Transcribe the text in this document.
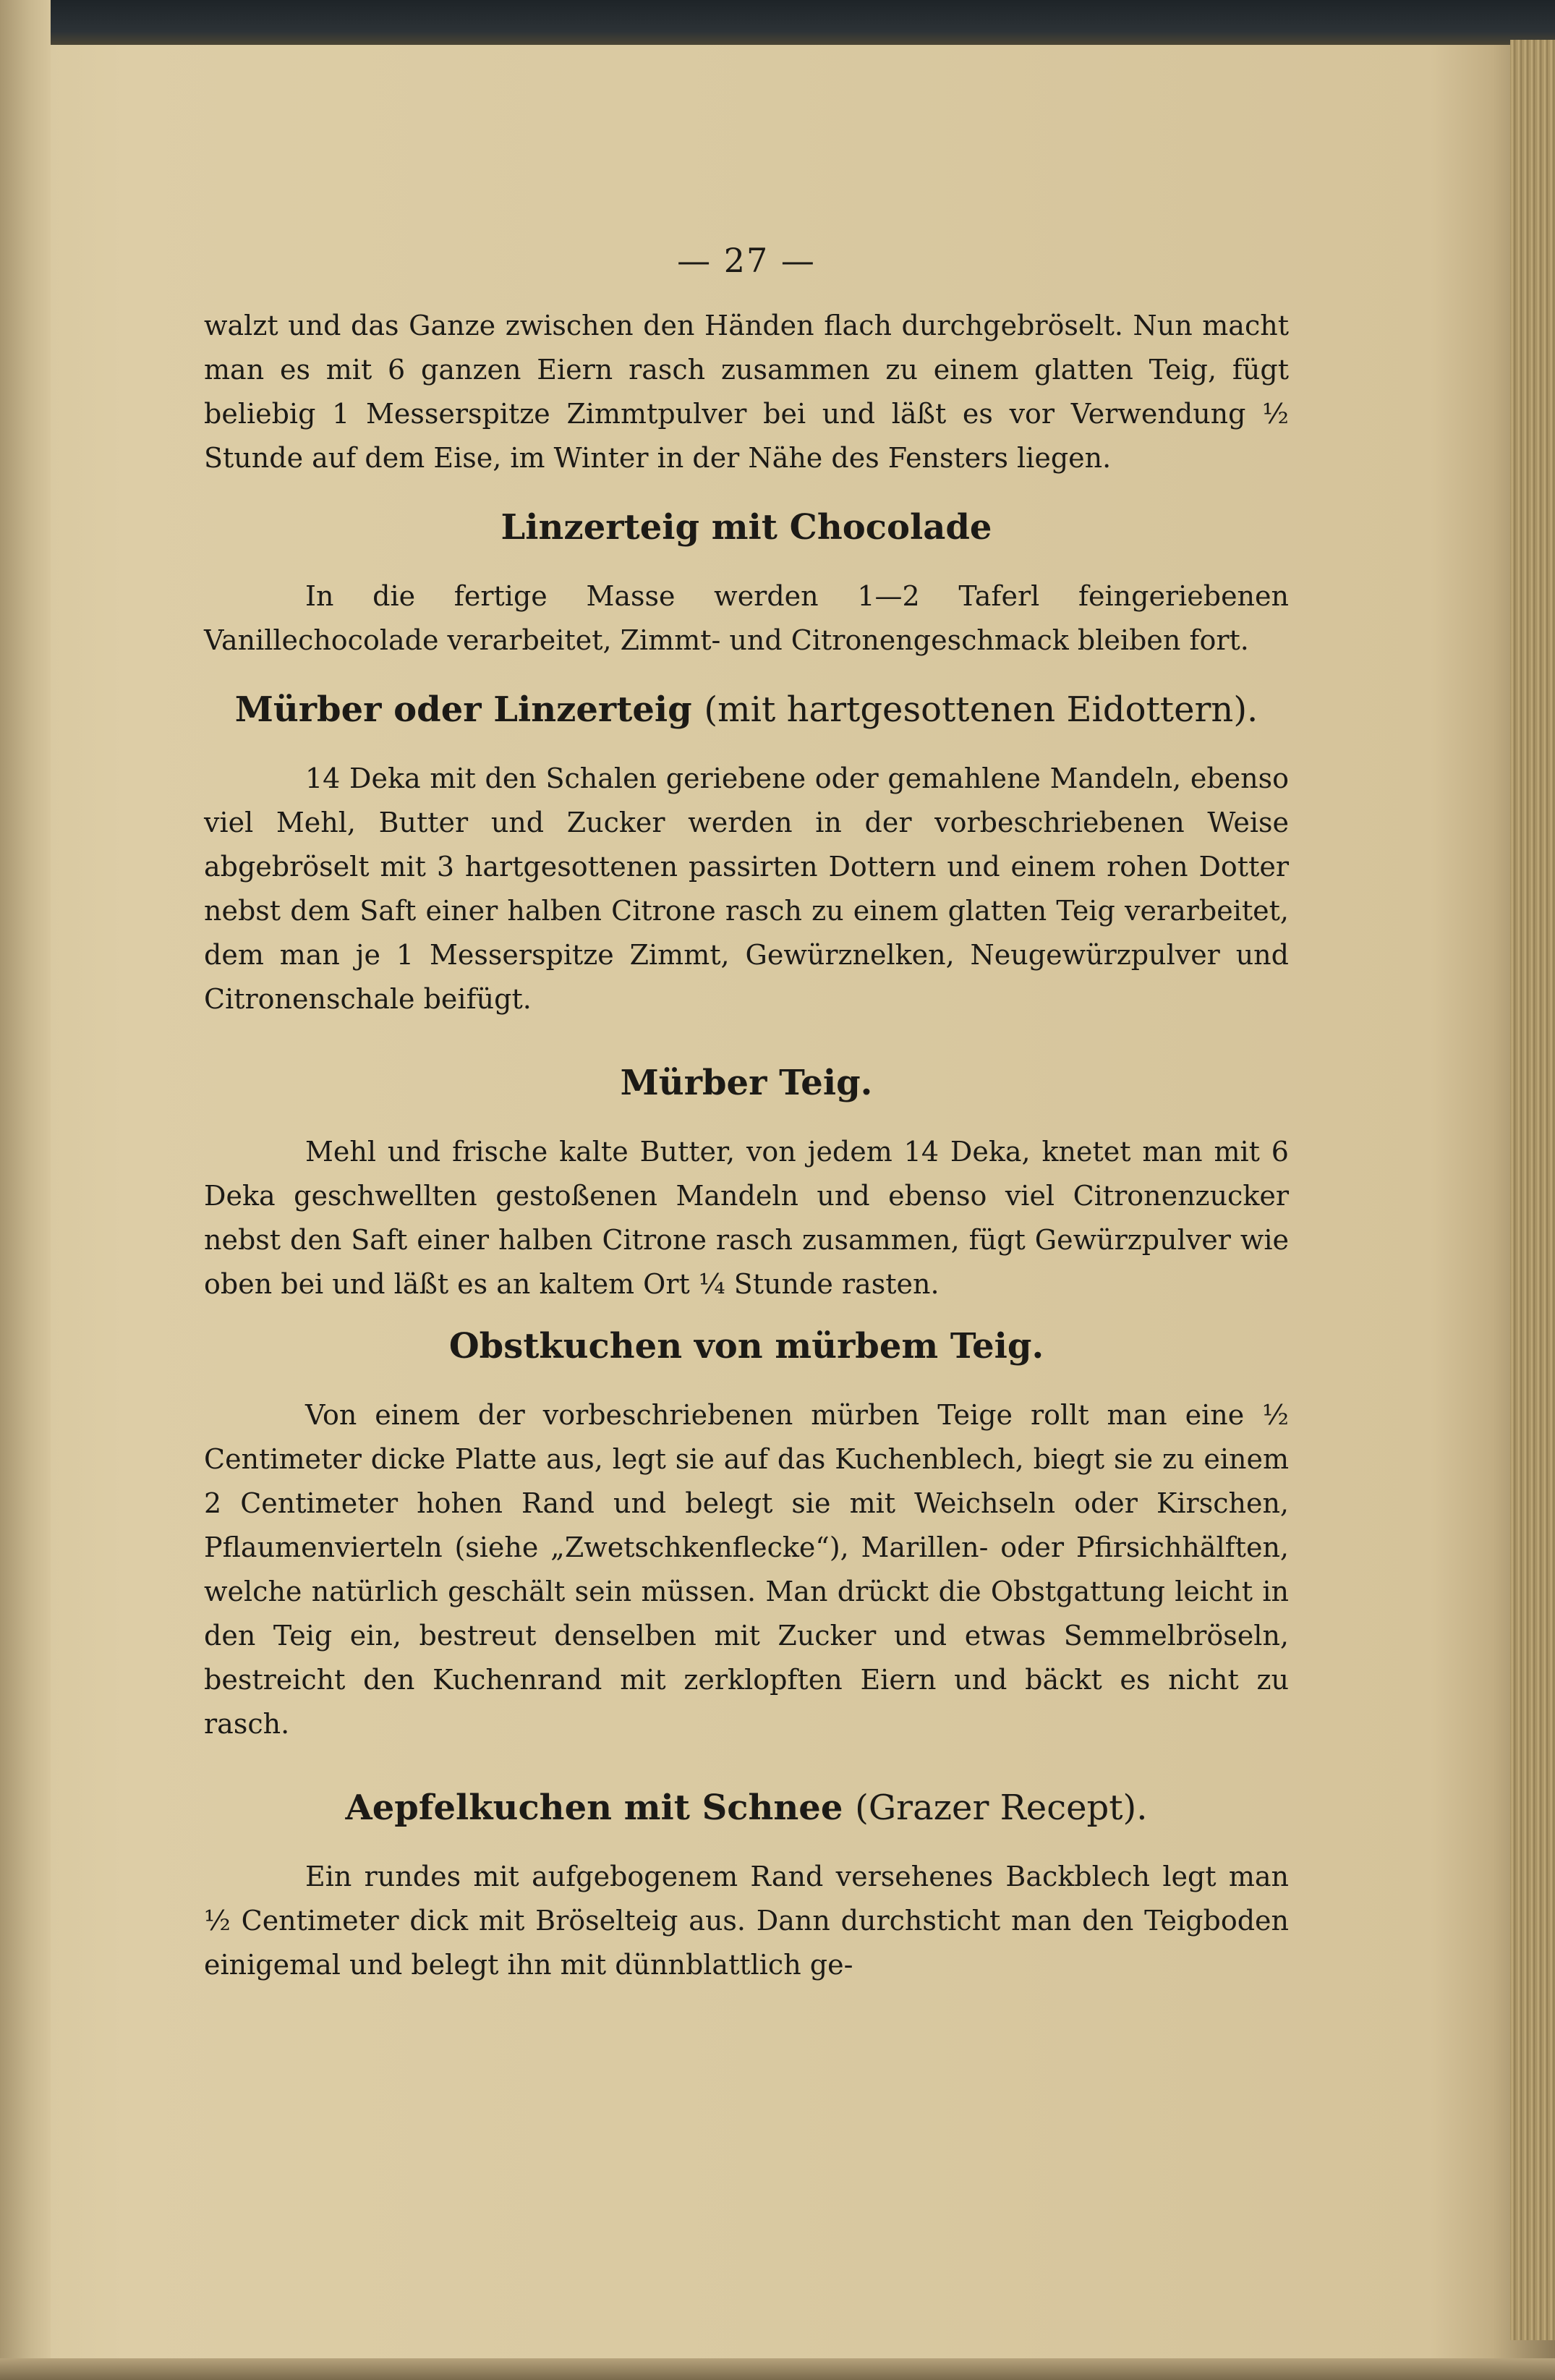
— 27 —

walzt und das Ganze zwischen den Händen flach durchgebröselt. Nun macht man es mit 6 ganzen Eiern rasch zusammen zu einem glatten Teig, fügt beliebig 1 Messerspitze Zimmtpulver bei und läßt es vor Verwendung ½ Stunde auf dem Eise, im Winter in der Nähe des Fensters liegen.

Linzerteig mit Chocolade

In die fertige Masse werden 1—2 Taferl feingeriebenen Vanillechocolade verarbeitet, Zimmt- und Citronengeschmack bleiben fort.

Mürber oder Linzerteig (mit hartgesottenen Eidottern).

14 Deka mit den Schalen geriebene oder gemahlene Mandeln, ebenso viel Mehl, Butter und Zucker werden in der vorbeschriebenen Weise abgebröselt mit 3 hartgesottenen passirten Dottern und einem rohen Dotter nebst dem Saft einer halben Citrone rasch zu einem glatten Teig verarbeitet, dem man je 1 Messerspitze Zimmt, Gewürznelken, Neugewürzpulver und Citronenschale beifügt.

Mürber Teig.

Mehl und frische kalte Butter, von jedem 14 Deka, knetet man mit 6 Deka geschwellten gestoßenen Mandeln und ebenso viel Citronenzucker nebst den Saft einer halben Citrone rasch zusammen, fügt Gewürzpulver wie oben bei und läßt es an kaltem Ort ¼ Stunde rasten.

Obstkuchen von mürbem Teig.

Von einem der vorbeschriebenen mürben Teige rollt man eine ½ Centimeter dicke Platte aus, legt sie auf das Kuchenblech, biegt sie zu einem 2 Centimeter hohen Rand und belegt sie mit Weichseln oder Kirschen, Pflaumenvierteln (siehe „Zwetschkenflecke“), Marillen- oder Pfirsichhälften, welche natürlich geschält sein müssen. Man drückt die Obstgattung leicht in den Teig ein, bestreut denselben mit Zucker und etwas Semmelbröseln, bestreicht den Kuchenrand mit zerklopften Eiern und bäckt es nicht zu rasch.

Aepfelkuchen mit Schnee (Grazer Recept).

Ein rundes mit aufgebogenem Rand versehenes Backblech legt man ½ Centimeter dick mit Bröselteig aus. Dann durchsticht man den Teigboden einigemal und belegt ihn mit dünnblattlich ge-
